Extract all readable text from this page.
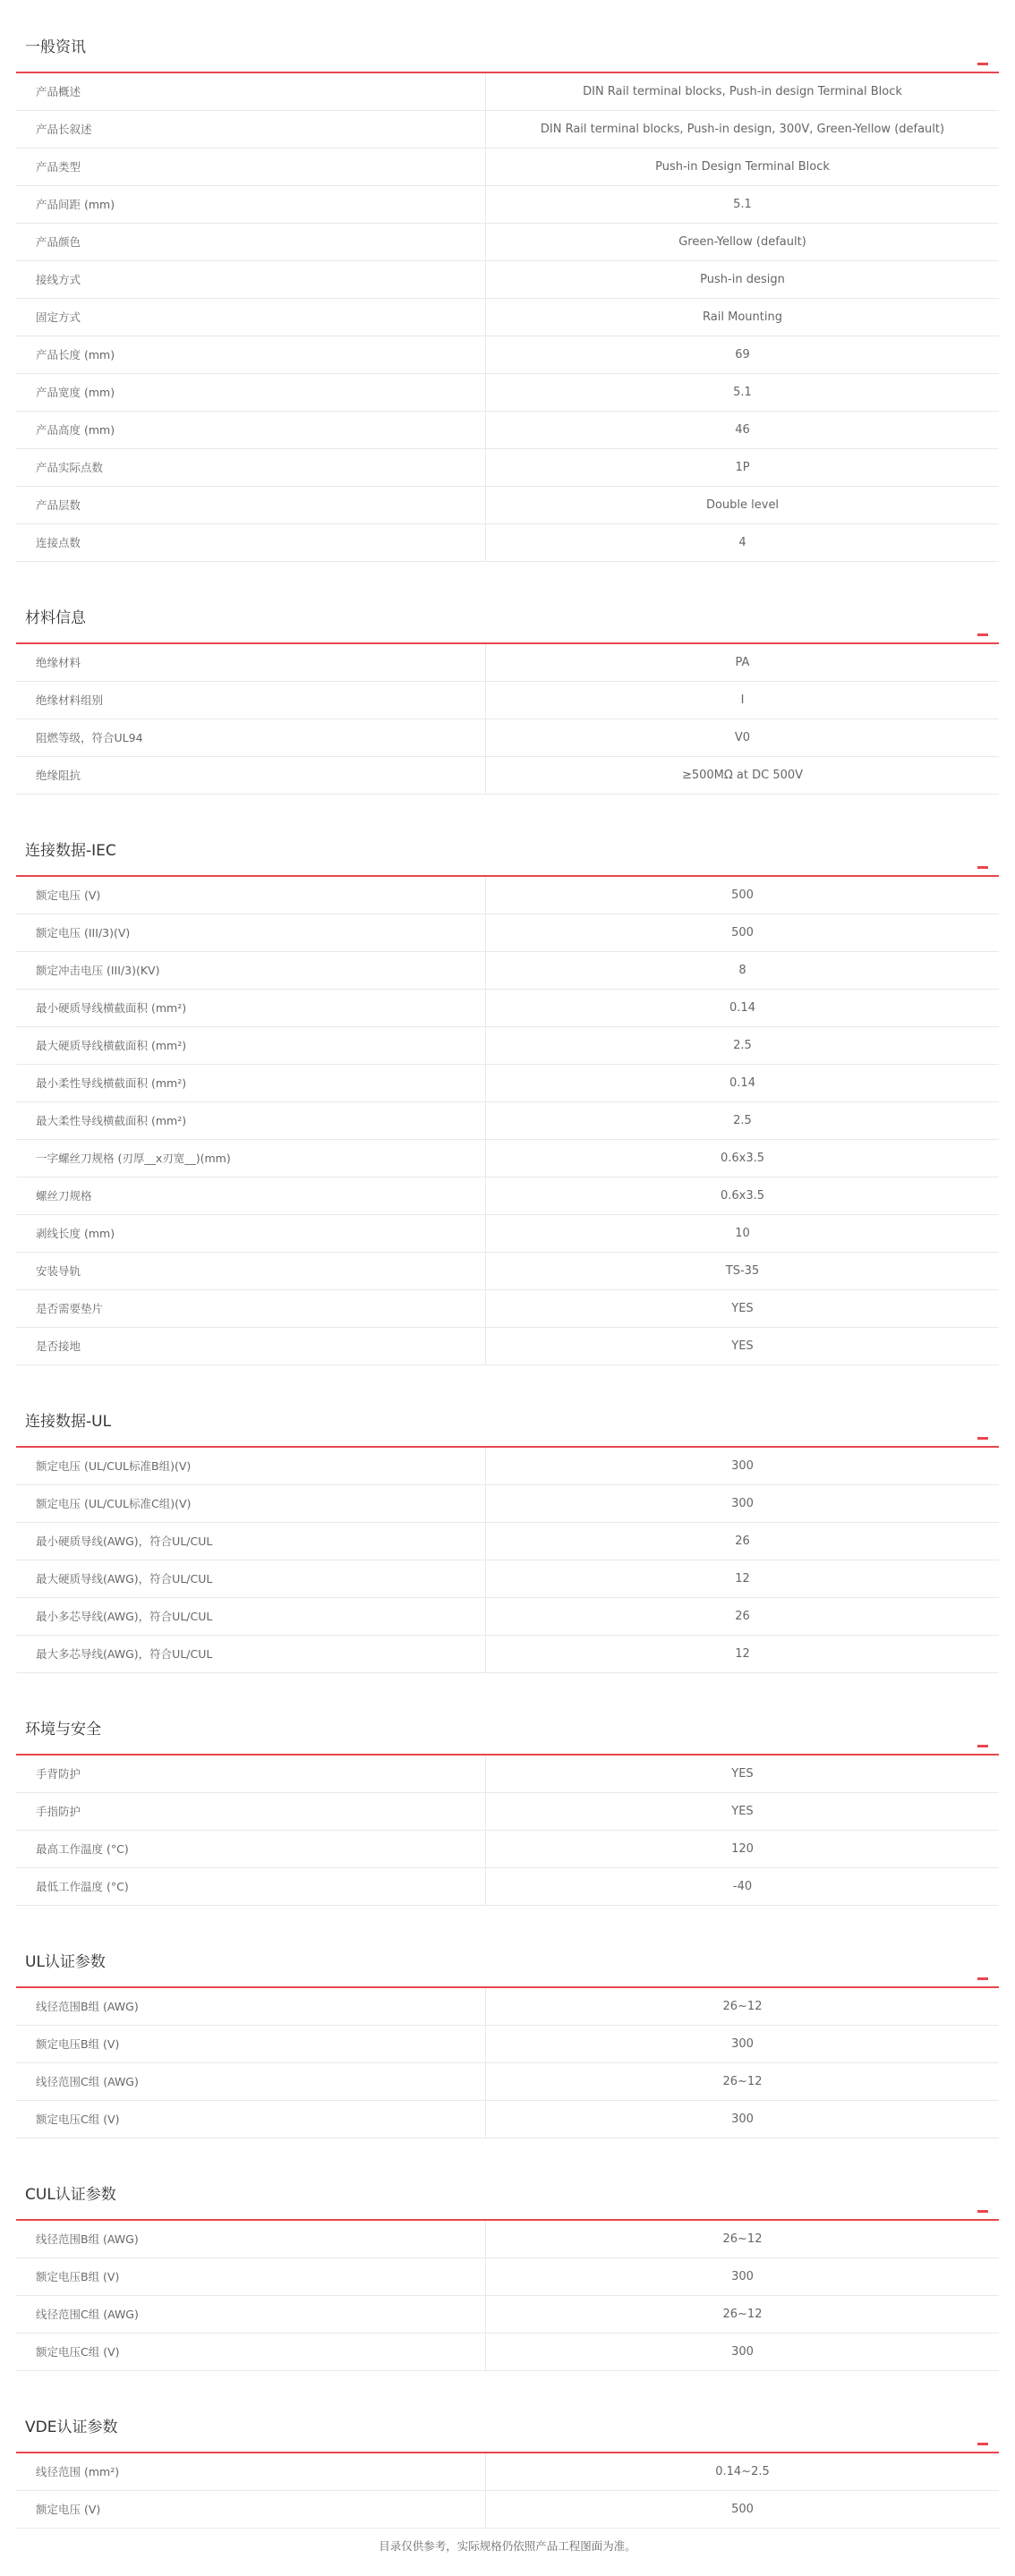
一般资讯
产品概述	DIN Rail terminal blocks, Push-in design Terminal Block
产品长叙述	DIN Rail terminal blocks, Push-in design, 300V, Green-Yellow (default)
产品类型	Push-in Design Terminal Block
产品间距 (mm)	5.1
产品颜色	Green-Yellow (default)
接线方式	Push-in design
固定方式	Rail Mounting
产品长度 (mm)	69
产品宽度 (mm)	5.1
产品高度 (mm)	46
产品实际点数	1P
产品层数	Double level
连接点数	4
材料信息
绝缘材料	PA
绝缘材料组别	I
阻燃等级，符合UL94	V0
绝缘阻抗	≥500MΩ at DC 500V
连接数据-IEC
额定电压 (V)	500
额定电压 (III/3)(V)	500
额定冲击电压 (III/3)(KV)	8
最小硬质导线横截面积 (mm²)	0.14
最大硬质导线横截面积 (mm²)	2.5
最小柔性导线横截面积 (mm²)	0.14
最大柔性导线横截面积 (mm²)	2.5
一字螺丝刀规格 (刃厚__x刃宽__)(mm)	0.6x3.5
螺丝刀规格	0.6x3.5
剥线长度 (mm)	10
安装导轨	TS-35
是否需要垫片	YES
是否接地	YES
连接数据-UL
额定电压 (UL/CUL标准B组)(V)	300
额定电压 (UL/CUL标准C组)(V)	300
最小硬质导线(AWG)，符合UL/CUL	26
最大硬质导线(AWG)，符合UL/CUL	12
最小多芯导线(AWG)，符合UL/CUL	26
最大多芯导线(AWG)，符合UL/CUL	12
环境与安全
手背防护	YES
手指防护	YES
最高工作温度 (°C)	120
最低工作温度 (°C)	-40
UL认证参数
线径范围B组 (AWG)	26~12
额定电压B组 (V)	300
线径范围C组 (AWG)	26~12
额定电压C组 (V)	300
CUL认证参数
线径范围B组 (AWG)	26~12
额定电压B组 (V)	300
线径范围C组 (AWG)	26~12
额定电压C组 (V)	300
VDE认证参数
线径范围 (mm²)	0.14~2.5
额定电压 (V)	500
目录仅供参考，实际规格仍依照产品工程图面为准。
